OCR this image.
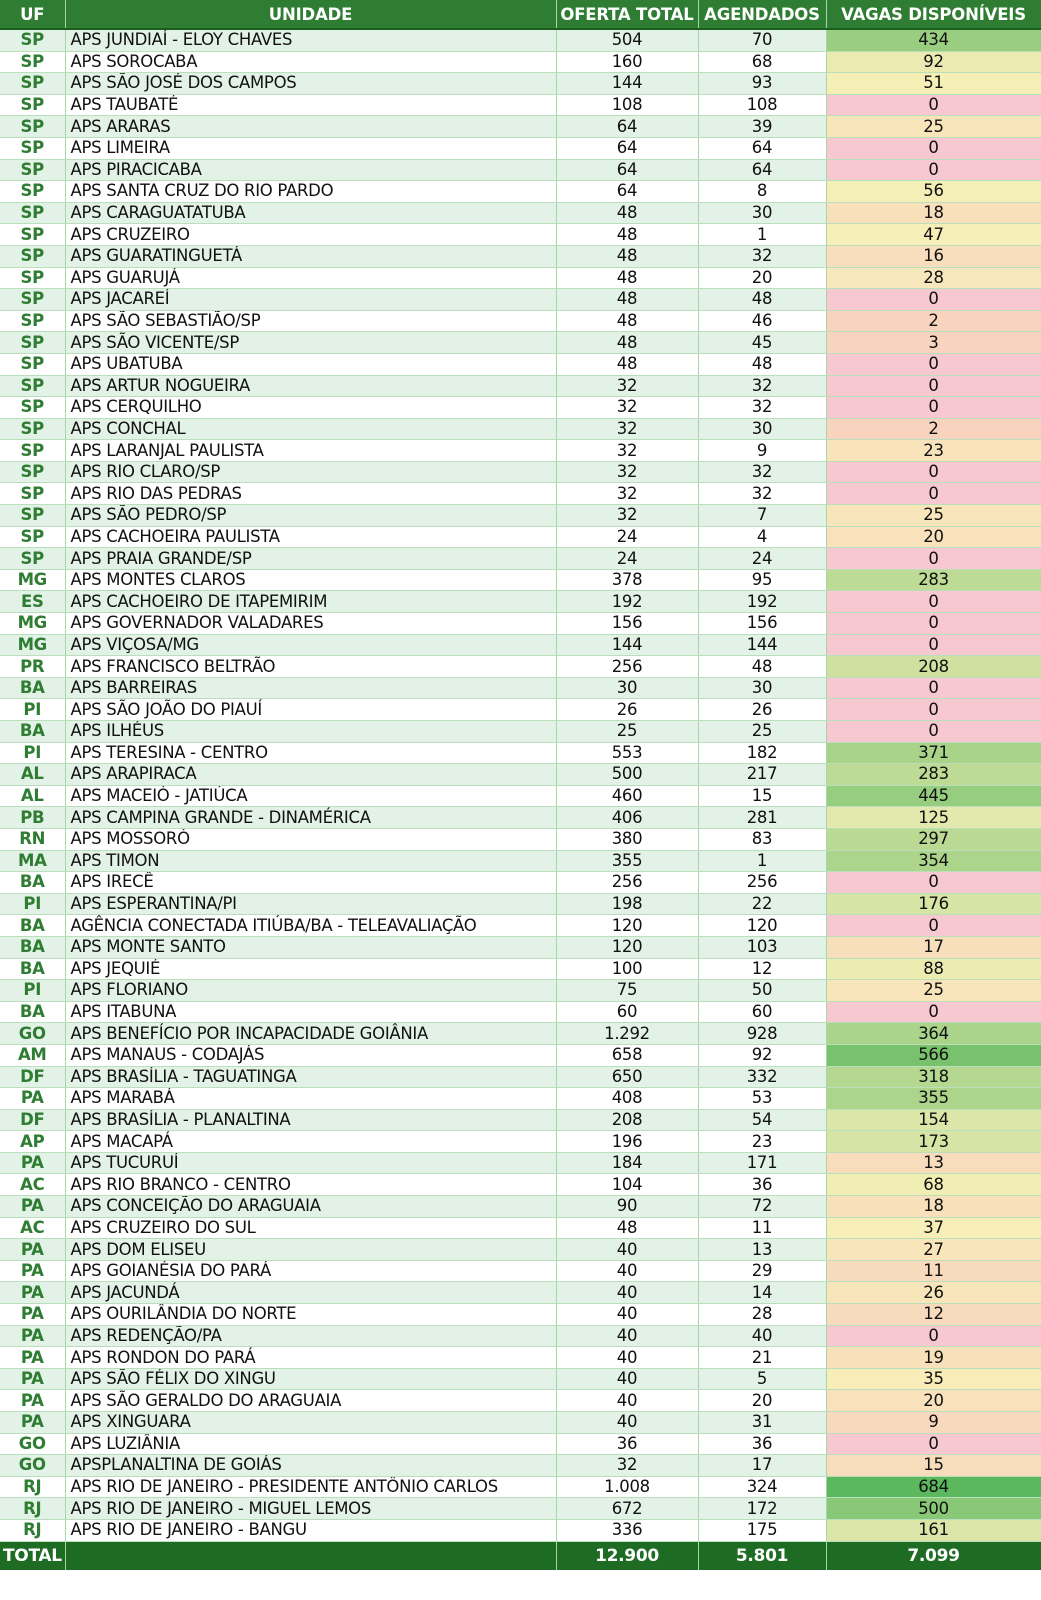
UF	UNIDADE	OFERTA TOTAL	AGENDADOS	VAGAS DISPONÍVEIS
SP	APS JUNDIAÍ - ELOY CHAVES	504	70	434
SP	APS SOROCABA	160	68	92
SP	APS SÃO JOSÉ DOS CAMPOS	144	93	51
SP	APS TAUBATÉ	108	108	0
SP	APS ARARAS	64	39	25
SP	APS LIMEIRA	64	64	0
SP	APS PIRACICABA	64	64	0
SP	APS SANTA CRUZ DO RIO PARDO	64	8	56
SP	APS CARAGUATATUBA	48	30	18
SP	APS CRUZEIRO	48	1	47
SP	APS GUARATINGUETÁ	48	32	16
SP	APS GUARUJÁ	48	20	28
SP	APS JACAREÍ	48	48	0
SP	APS SÃO SEBASTIÃO/SP	48	46	2
SP	APS SÃO VICENTE/SP	48	45	3
SP	APS UBATUBA	48	48	0
SP	APS ARTUR NOGUEIRA	32	32	0
SP	APS CERQUILHO	32	32	0
SP	APS CONCHAL	32	30	2
SP	APS LARANJAL PAULISTA	32	9	23
SP	APS RIO CLARO/SP	32	32	0
SP	APS RIO DAS PEDRAS	32	32	0
SP	APS SÃO PEDRO/SP	32	7	25
SP	APS CACHOEIRA PAULISTA	24	4	20
SP	APS PRAIA GRANDE/SP	24	24	0
MG	APS MONTES CLAROS	378	95	283
ES	APS CACHOEIRO DE ITAPEMIRIM	192	192	0
MG	APS GOVERNADOR VALADARES	156	156	0
MG	APS VIÇOSA/MG	144	144	0
PR	APS FRANCISCO BELTRÃO	256	48	208
BA	APS BARREIRAS	30	30	0
PI	APS SÃO JOÃO DO PIAUÍ	26	26	0
BA	APS ILHÉUS	25	25	0
PI	APS TERESINA - CENTRO	553	182	371
AL	APS ARAPIRACA	500	217	283
AL	APS MACEIÓ - JATIÚCA	460	15	445
PB	APS CAMPINA GRANDE - DINAMÉRICA	406	281	125
RN	APS MOSSORÓ	380	83	297
MA	APS TIMON	355	1	354
BA	APS IRECÊ	256	256	0
PI	APS ESPERANTINA/PI	198	22	176
BA	AGÊNCIA CONECTADA ITIÚBA/BA - TELEAVALIAÇÃO	120	120	0
BA	APS MONTE SANTO	120	103	17
BA	APS JEQUIÉ	100	12	88
PI	APS FLORIANO	75	50	25
BA	APS ITABUNA	60	60	0
GO	APS BENEFÍCIO POR INCAPACIDADE GOIÂNIA	1.292	928	364
AM	APS MANAUS - CODAJÁS	658	92	566
DF	APS BRASÍLIA - TAGUATINGA	650	332	318
PA	APS MARABÁ	408	53	355
DF	APS BRASÍLIA - PLANALTINA	208	54	154
AP	APS MACAPÁ	196	23	173
PA	APS TUCURUÍ	184	171	13
AC	APS RIO BRANCO - CENTRO	104	36	68
PA	APS CONCEIÇÃO DO ARAGUAIA	90	72	18
AC	APS CRUZEIRO DO SUL	48	11	37
PA	APS DOM ELISEU	40	13	27
PA	APS GOIANÉSIA DO PARÁ	40	29	11
PA	APS JACUNDÁ	40	14	26
PA	APS OURILÂNDIA DO NORTE	40	28	12
PA	APS REDENÇÃO/PA	40	40	0
PA	APS RONDON DO PARÁ	40	21	19
PA	APS SÃO FÉLIX DO XINGU	40	5	35
PA	APS SÃO GERALDO DO ARAGUAIA	40	20	20
PA	APS XINGUARA	40	31	9
GO	APS LUZIÂNIA	36	36	0
GO	APSPLANALTINA DE GOIÁS	32	17	15
RJ	APS RIO DE JANEIRO - PRESIDENTE ANTÔNIO CARLOS	1.008	324	684
RJ	APS RIO DE JANEIRO - MIGUEL LEMOS	672	172	500
RJ	APS RIO DE JANEIRO - BANGU	336	175	161
TOTAL		12.900	5.801	7.099
